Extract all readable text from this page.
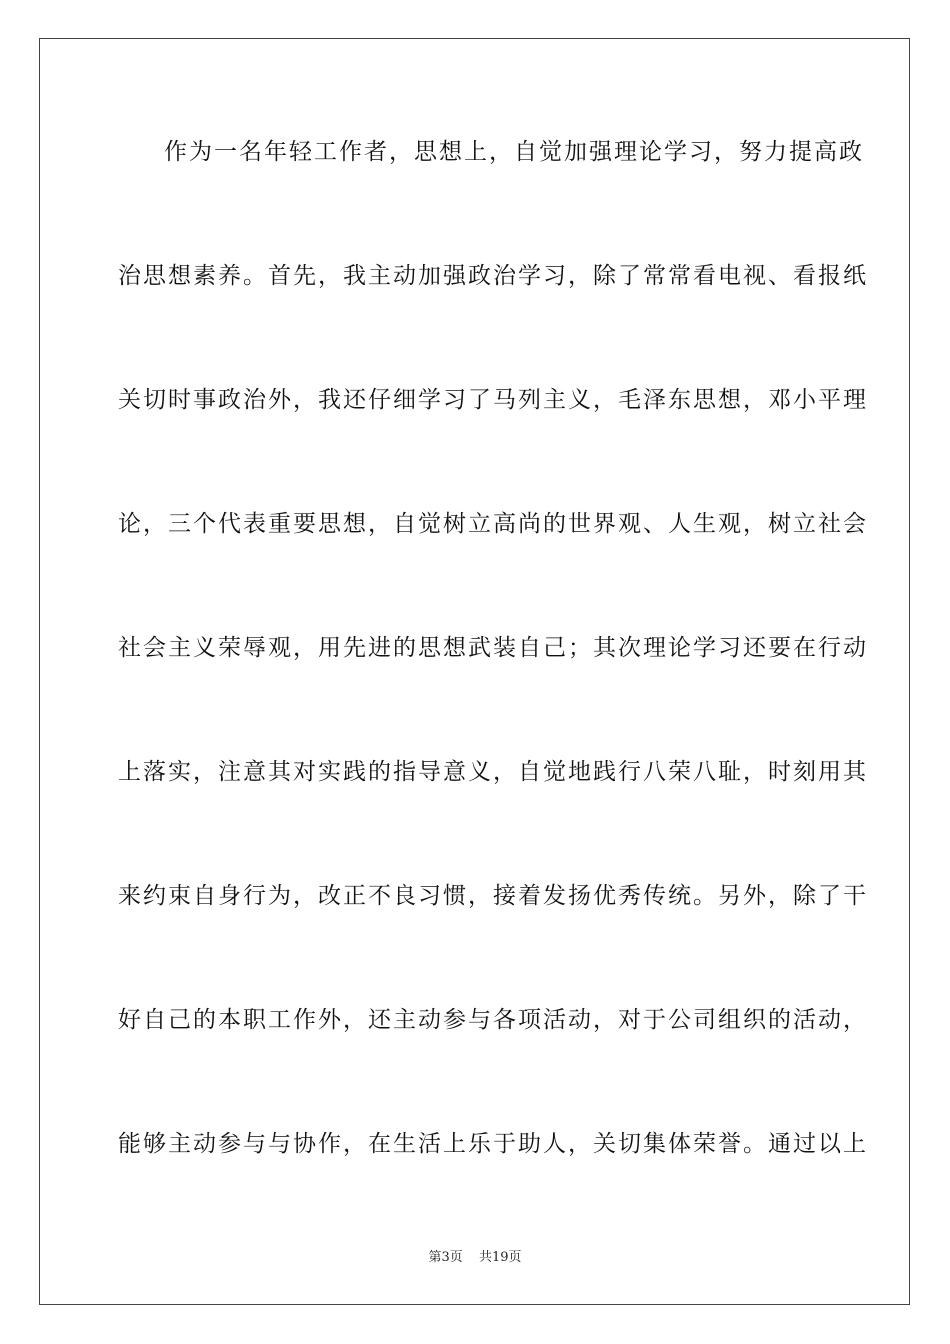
作为一名年轻工作者，思想上，自觉加强理论学习，努力提高政
治思想素养。首先，我主动加强政治学习，除了常常看电视、看报纸
关切时事政治外，我还仔细学习了马列主义，毛泽东思想，邓小平理
论，三个代表重要思想，自觉树立高尚的世界观、人生观，树立社会
社会主义荣辱观，用先进的思想武装自己；其次理论学习还要在行动
上落实，注意其对实践的指导意义，自觉地践行八荣八耻，时刻用其
来约束自身行为，改正不良习惯，接着发扬优秀传统。另外，除了干
好自己的本职工作外，还主动参与各项活动，对于公司组织的活动，
能够主动参与与协作，在生活上乐于助人，关切集体荣誉。通过以上
第3页 共19页
